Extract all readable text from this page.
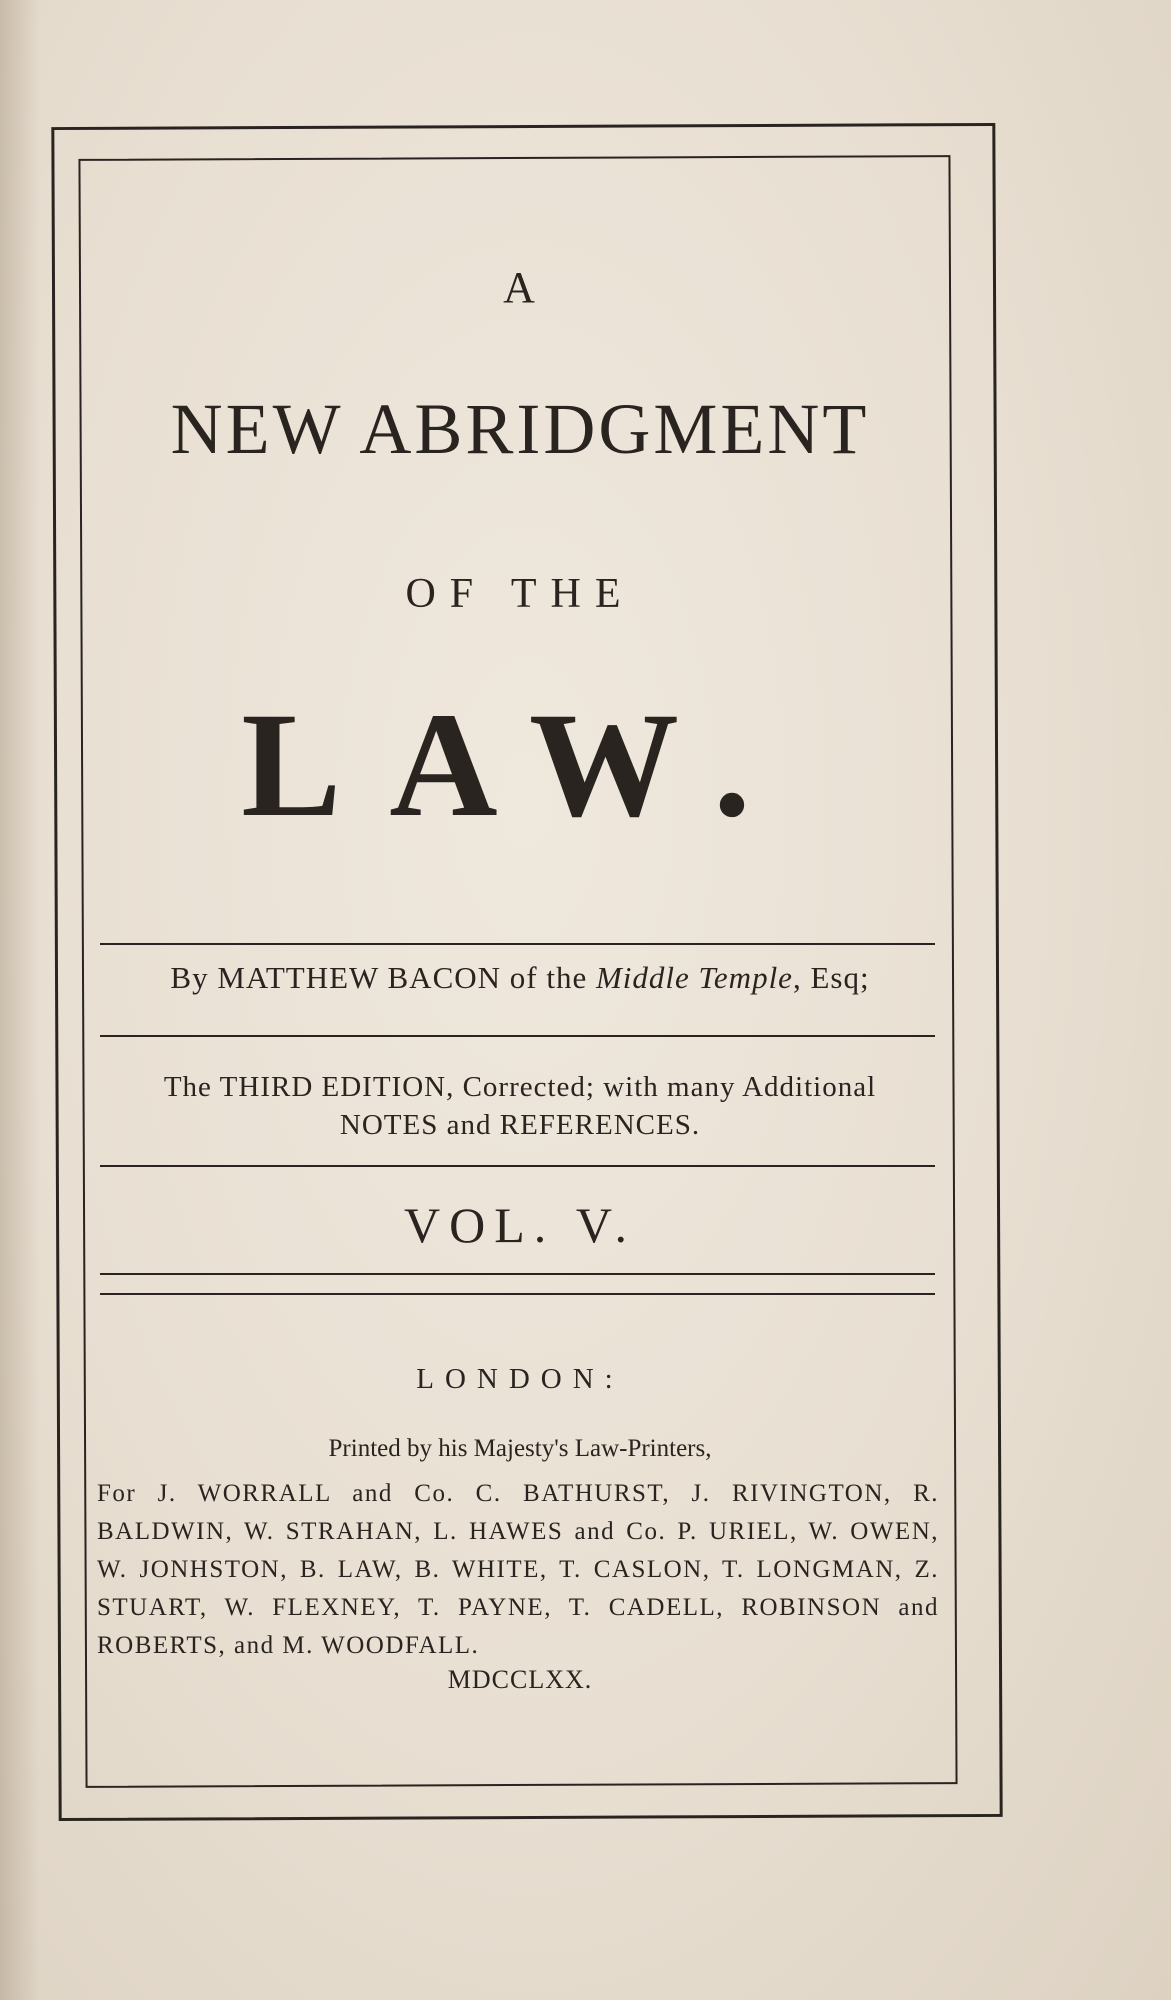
A
NEW ABRIDGMENT
OF THE
LAW.
By MATTHEW BACON of the Middle Temple, Esq;
The THIRD EDITION, Corrected; with many Additional
NOTES and REFERENCES.
VOL. V.
LONDON:
Printed by his Majesty's Law-Printers,
For J. WORRALL and Co. C. BATHURST, J. RIVINGTON, R. BALDWIN, W. STRAHAN, L. HAWES and Co. P. URIEL, W. OWEN, W. JONHSTON, B. LAW, B. WHITE, T. CASLON, T. LONGMAN, Z. STUART, W. FLEXNEY, T. PAYNE, T. CADELL, ROBINSON and ROBERTS, and M. WOODFALL.
MDCCLXX.
